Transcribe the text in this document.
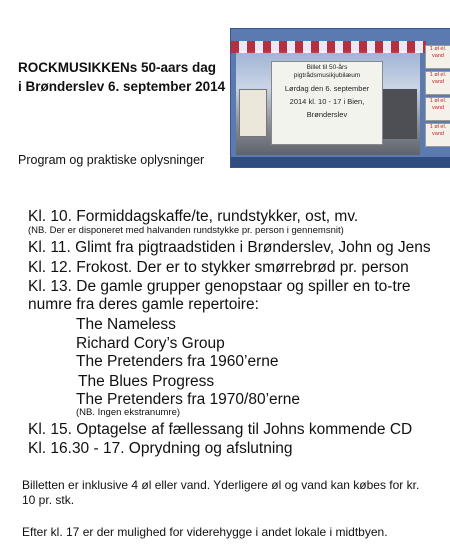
ROCKMUSIKKENs 50-aars dag
i Brønderslev 6. september 2014
Program og praktiske oplysninger
Billet til 50-års
pigtrådsmusikjubilæum
Lørdag den 6. september
2014 kl. 10 - 17 i Bien,
Brønderslev
1 øl el. vand
1 øl el. vand
1 øl el. vand
1 øl el. vand
Kl. 10. Formiddagskaffe/te, rundstykker, ost, mv.
(NB. Der er disponeret med halvanden rundstykke pr. person i gennemsnit)
Kl. 11. Glimt fra pigtraadstiden i Brønderslev, John og Jens
Kl. 12. Frokost. Der er to stykker smørrebrød pr. person
Kl. 13. De gamle grupper genopstaar og spiller en to-tre
numre fra deres gamle repertoire:
The Nameless
Richard Cory’s Group
The Pretenders fra 1960’erne
The Blues Progress
The Pretenders fra 1970/80’erne
(NB. Ingen ekstranumre)
Kl. 15. Optagelse af fællessang til Johns kommende CD
Kl. 16.30 - 17. Oprydning og afslutning
Billetten er inklusive 4 øl eller vand. Yderligere øl og vand kan købes for kr. 10 pr. stk.
Efter kl. 17 er der mulighed for viderehygge i andet lokale i midtbyen.
